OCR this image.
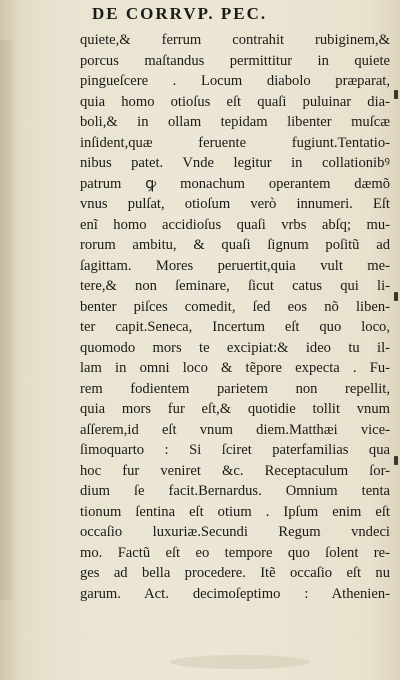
DE CORRVP. PEC.
quiete,& ferrum contrahit rubiginem,&
porcus maſtandus permittitur in quiete
pingueſcere . Locum diabolo præparat,
quia homo otioſus eſt quaſi puluinar dia-
boli,& in ollam tepidam libenter muſcæ
inſident,quæ feruente fugiunt.Tentatio-
nibus patet. Vnde legitur in collationibꝰ
patrum ꝙ monachum operantem dæmõ
vnus pulſat, otioſum verò innumeri. Eſt
enĩ homo accidioſus quaſi vrbs abſq; mu-
rorum ambitu, & quaſi ſignum poſitũ ad
ſagittam. Mores peruertit,quia vult me-
tere,& non ſeminare, ſicut catus qui li-
benter piſces comedit, ſed eos nõ liben-
ter capit.Seneca, Incertum eſt quo loco,
quomodo mors te excipiat:& ideo tu il-
lam in omni loco & tẽpore expecta . Fu-
rem fodientem parietem non repellit,
quia mors fur eſt,& quotidie tollit vnum
aſſerem,id eſt vnum diem.Matthæi vice-
ſimoquarto : Si ſciret paterfamilias qua
hoc fur veniret &c. Receptaculum ſor-
dium ſe facit.Bernardus. Omnium tenta
tionum ſentina eſt otium . Ipſum enim eſt
occaſio luxuriæ.Secundi Regum vndeci
mo. Factũ eſt eo tempore quo ſolent re-
ges ad bella procedere. Itẽ occaſio eſt nu
garum. Act. decimoſeptimo : Athenien-
